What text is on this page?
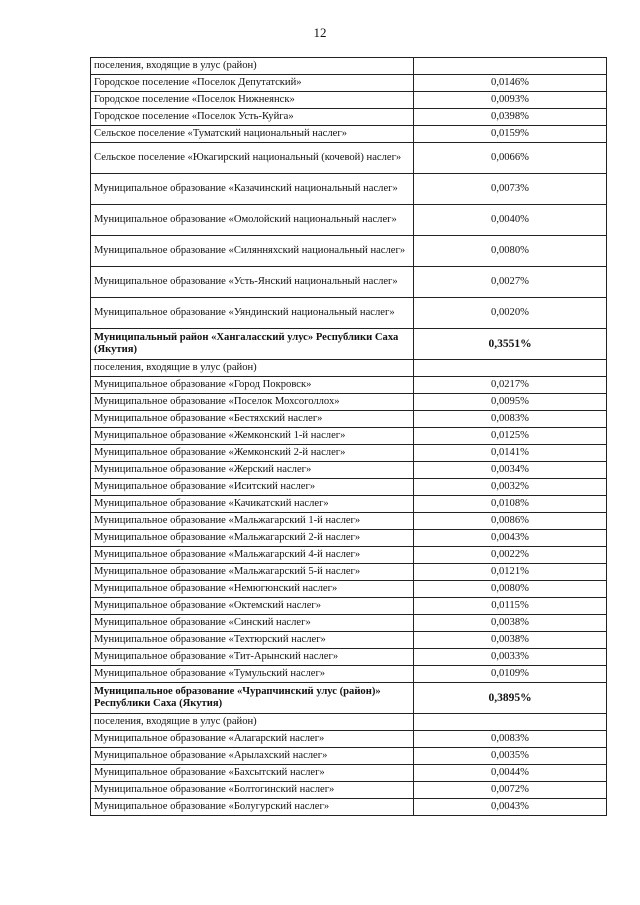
12
поселения, входящие в улус (район)	
Городское поселение «Поселок Депутатский»	0,0146%
Городское поселение «Поселок Нижнеянск»	0,0093%
Городское поселение «Поселок Усть-Куйга»	0,0398%
Сельское поселение «Туматский национальный наслег»	0,0159%
Сельское поселение «Юкагирский национальный (кочевой) наслег»	0,0066%
Муниципальное образование «Казачинский национальный наслег»	0,0073%
Муниципальное образование «Омолойский национальный наслег»	0,0040%
Муниципальное образование «Силянняхский национальный наслег»	0,0080%
Муниципальное образование «Усть-Янский национальный наслег»	0,0027%
Муниципальное образование «Уяндинский национальный наслег»	0,0020%
Муниципальный район «Хангаласский улус» Республики Саха (Якутия)	0,3551%
поселения, входящие в улус (район)	
Муниципальное образование «Город Покровск»	0,0217%
Муниципальное образование «Поселок Мохсоголлох»	0,0095%
Муниципальное образование «Бестяхский наслег»	0,0083%
Муниципальное образование «Жемконский 1-й наслег»	0,0125%
Муниципальное образование «Жемконский 2-й наслег»	0,0141%
Муниципальное образование «Жерский наслег»	0,0034%
Муниципальное образование «Иситский наслег»	0,0032%
Муниципальное образование «Качикатский наслег»	0,0108%
Муниципальное образование «Мальжагарский 1-й наслег»	0,0086%
Муниципальное образование «Мальжагарский 2-й наслег»	0,0043%
Муниципальное образование «Мальжагарский 4-й наслег»	0,0022%
Муниципальное образование «Мальжагарский 5-й наслег»	0,0121%
Муниципальное образование «Немюгюнский наслег»	0,0080%
Муниципальное образование «Октемский наслег»	0,0115%
Муниципальное образование «Синский наслег»	0,0038%
Муниципальное образование «Техтюрский наслег»	0,0038%
Муниципальное образование «Тит-Арынский наслег»	0,0033%
Муниципальное образование «Тумульский наслег»	0,0109%
Муниципальное образование «Чурапчинский улус (район)» Республики Саха (Якутия)	0,3895%
поселения, входящие в улус (район)	
Муниципальное образование «Алагарский наслег»	0,0083%
Муниципальное образование «Арылахский наслег»	0,0035%
Муниципальное образование «Бахсытский наслег»	0,0044%
Муниципальное образование «Болтогинский наслег»	0,0072%
Муниципальное образование «Болугурский наслег»	0,0043%
